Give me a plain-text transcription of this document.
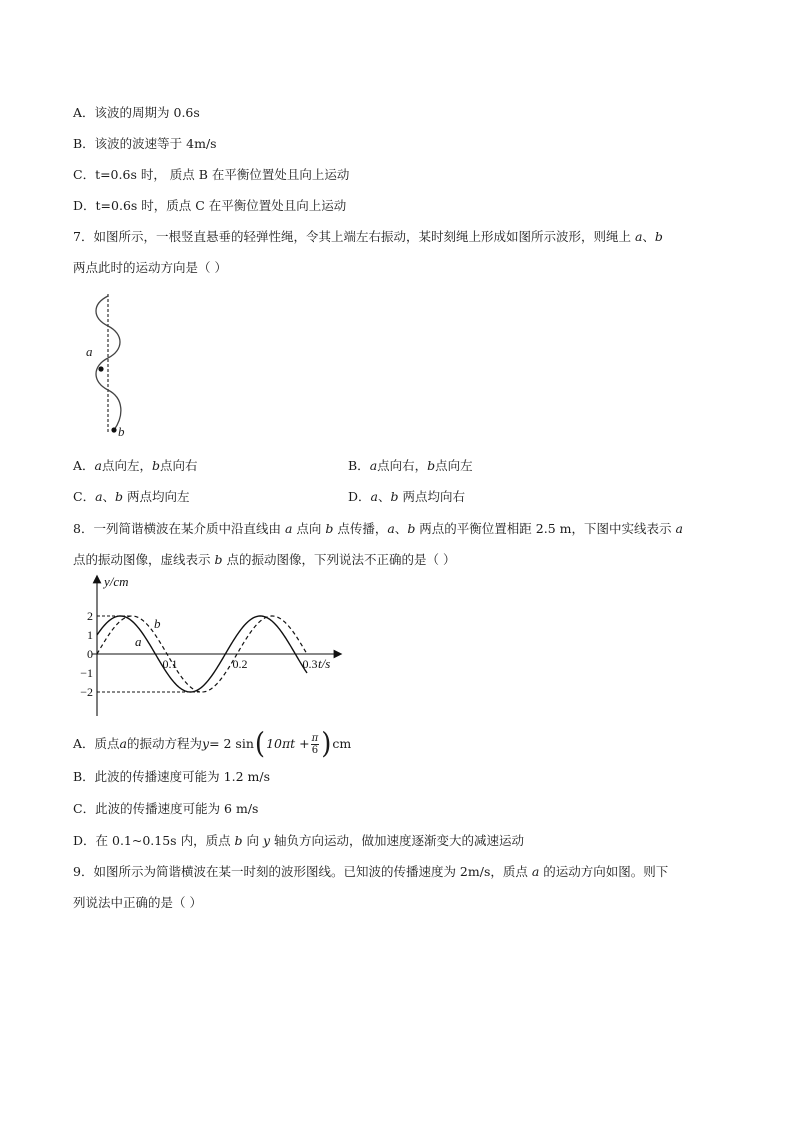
A．该波的周期为 0.6s
B．该波的波速等于 4m/s
C．t=0.6s 时， 质点 B 在平衡位置处且向上运动
D．t=0.6s 时，质点 C 在平衡位置处且向上运动
7．如图所示，一根竖直悬垂的轻弹性绳，令其上端左右振动，某时刻绳上形成如图所示波形，则绳上 a、b
两点此时的运动方向是（ ）
a
b
A．a点向左，b点向右	B．a点向右，b点向左
C．a、b 两点均向左	D．a、b 两点均向右
8．一列简谐横波在某介质中沿直线由 a 点向 b 点传播，a、b 两点的平衡位置相距 2.5 m，下图中实线表示 a
点的振动图像，虚线表示 b 点的振动图像，下列说法不正确的是（ ）
y/cm
t/s
2
1
0
−1
−2
0.1	0.2	0.3
b
a
A．质点 a 的振动方程为 y = 2 sin ( $10\pi t + \frac{\pi}{6}$ ) cm
B．此波的传播速度可能为 1.2 m/s
C．此波的传播速度可能为 6 m/s
D．在 0.1~0.15s 内，质点 b 向 y 轴负方向运动，做加速度逐渐变大的减速运动
9．如图所示为简谐横波在某一时刻的波形图线。已知波的传播速度为 2m/s，质点 a 的运动方向如图。则下
列说法中正确的是（ ）
